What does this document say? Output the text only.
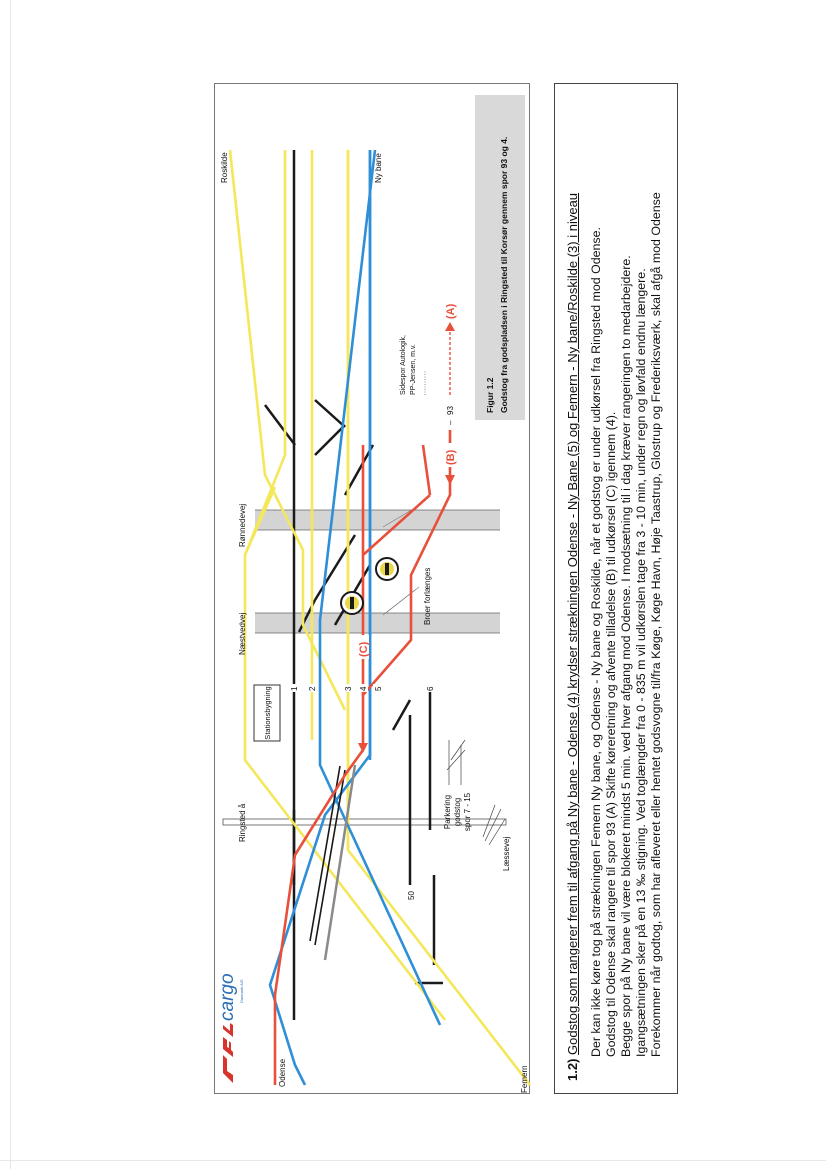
cargo Danmark A/S
Stationsbygning
Odense	Femern
Roskilde	Ny bane
Ringsted å
Næstvedvej
Rønnedevej
Læssevej
Broer forlænges
Parkering godstog spor 7 - 15
Sidespor Autologik, PP-Jensen, m.v.
1 2	3 4 5	6
50
93
(C)
(B)
(A)
–
Figur 1.2 Godstog fra godspladsen i Ringsted til Korsør gennem spor 93 og 4.
1.2) Godstog som rangerer frem til afgang på Ny bane - Odense (4) krydser strækningen Odense - Ny Bane (5) og Femern - Ny bane/Roskilde (3) i niveau Der kan ikke køre tog på strækningen Femern Ny bane, og Odense - Ny bane og Roskilde, når et godstog er under udkørsel fra Ringsted mod Odense. Godstog til Odense skal rangere til spor 93 (A) Skifte køreretning og afvente tilladelse (B) til udkørsel (C) igennem (4). Begge spor på Ny bane vil være blokeret mindst 5 min. ved hver afgang mod Odense. I modsætning til i dag kræver rangeringen to medarbejdere. Igangsætningen sker på en 13 ‰ stigning. Ved toglængder fra 0 - 835 m vil udkørslen tage fra 3 - 10 min, under regn og løvfald endnu længere. Forekommer når godtog, som har afleveret eller hentet godsvogne til/fra Køge, Køge Havn, Høje Taastrup, Glostrup og Frederiksværk, skal afgå mod Odense
